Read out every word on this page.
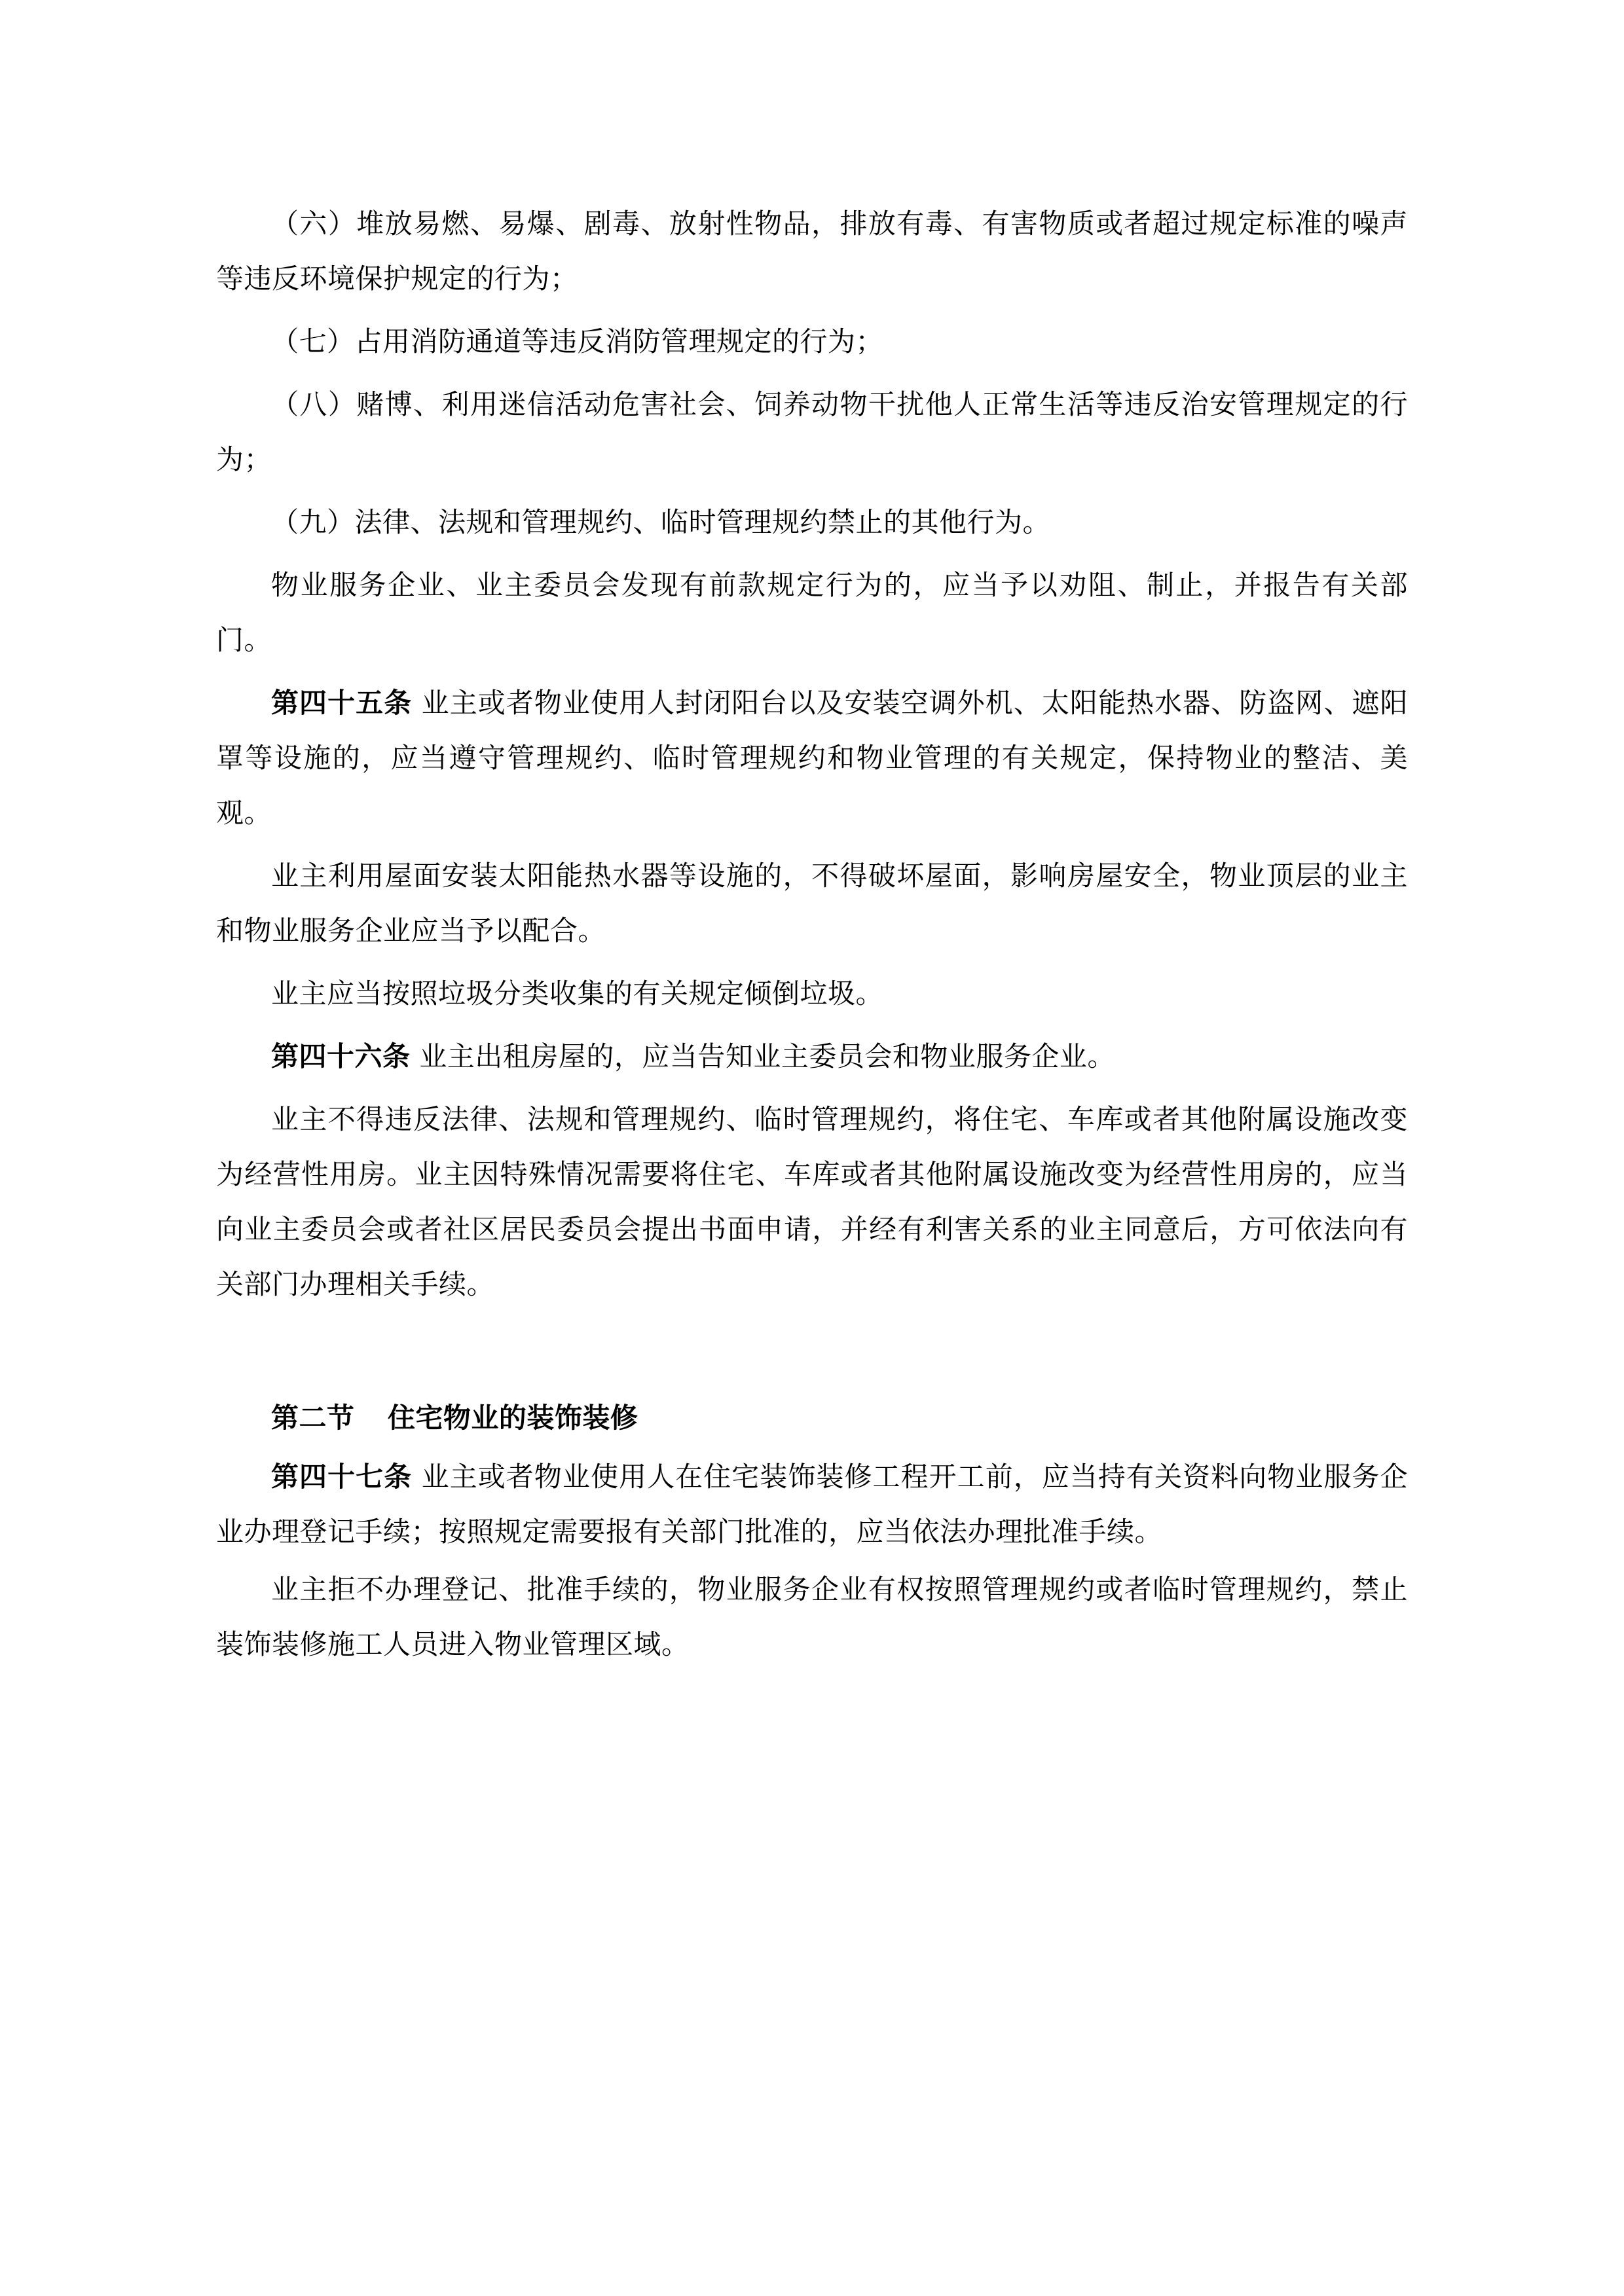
（六）堆放易燃、易爆、剧毒、放射性物品，排放有毒、有害物质或者超过规定标准的噪声等违反环境保护规定的行为；

（七）占用消防通道等违反消防管理规定的行为；

（八）赌博、利用迷信活动危害社会、饲养动物干扰他人正常生活等违反治安管理规定的行为；

（九）法律、法规和管理规约、临时管理规约禁止的其他行为。

物业服务企业、业主委员会发现有前款规定行为的，应当予以劝阻、制止，并报告有关部门。

第四十五条 业主或者物业使用人封闭阳台以及安装空调外机、太阳能热水器、防盗网、遮阳罩等设施的，应当遵守管理规约、临时管理规约和物业管理的有关规定，保持物业的整洁、美观。

业主利用屋面安装太阳能热水器等设施的，不得破坏屋面，影响房屋安全，物业顶层的业主和物业服务企业应当予以配合。

业主应当按照垃圾分类收集的有关规定倾倒垃圾。

第四十六条 业主出租房屋的，应当告知业主委员会和物业服务企业。

业主不得违反法律、法规和管理规约、临时管理规约，将住宅、车库或者其他附属设施改变为经营性用房。业主因特殊情况需要将住宅、车库或者其他附属设施改变为经营性用房的，应当向业主委员会或者社区居民委员会提出书面申请，并经有利害关系的业主同意后，方可依法向有关部门办理相关手续。

第二节 住宅物业的装饰装修

第四十七条 业主或者物业使用人在住宅装饰装修工程开工前，应当持有关资料向物业服务企业办理登记手续；按照规定需要报有关部门批准的，应当依法办理批准手续。

业主拒不办理登记、批准手续的，物业服务企业有权按照管理规约或者临时管理规约，禁止装饰装修施工人员进入物业管理区域。
